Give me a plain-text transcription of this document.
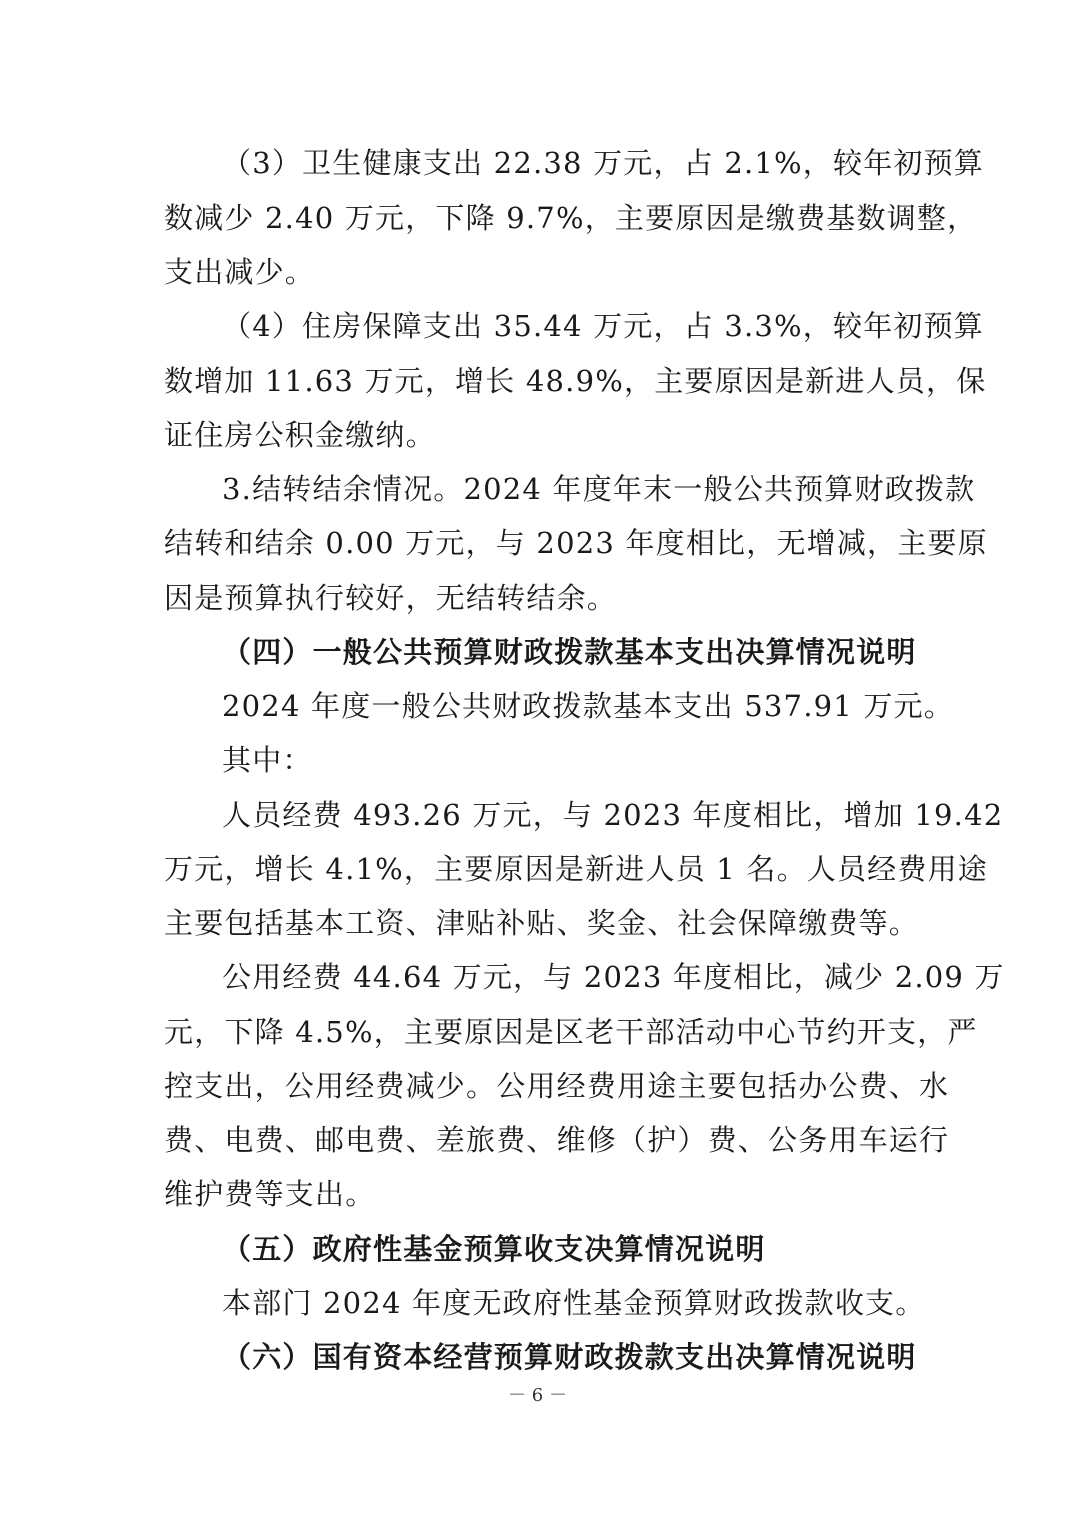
（3）卫生健康支出 22.38 万元，占 2.1%，较年初预算
数减少 2.40 万元，下降 9.7%，主要原因是缴费基数调整，
支出减少。
（4）住房保障支出 35.44 万元，占 3.3%，较年初预算
数增加 11.63 万元，增长 48.9%，主要原因是新进人员，保
证住房公积金缴纳。
3.结转结余情况。2024 年度年末一般公共预算财政拨款
结转和结余 0.00 万元，与 2023 年度相比，无增减，主要原
因是预算执行较好，无结转结余。
（四）一般公共预算财政拨款基本支出决算情况说明
2024 年度一般公共财政拨款基本支出 537.91 万元。
其中：
人员经费 493.26 万元，与 2023 年度相比，增加 19.42
万元，增长 4.1%，主要原因是新进人员 1 名。人员经费用途
主要包括基本工资、津贴补贴、奖金、社会保障缴费等。
公用经费 44.64 万元，与 2023 年度相比，减少 2.09 万
元，下降 4.5%，主要原因是区老干部活动中心节约开支，严
控支出，公用经费减少。公用经费用途主要包括办公费、水
费、电费、邮电费、差旅费、维修（护）费、公务用车运行
维护费等支出。
（五）政府性基金预算收支决算情况说明
本部门 2024 年度无政府性基金预算财政拨款收支。
（六）国有资本经营预算财政拨款支出决算情况说明
－ 6 －
